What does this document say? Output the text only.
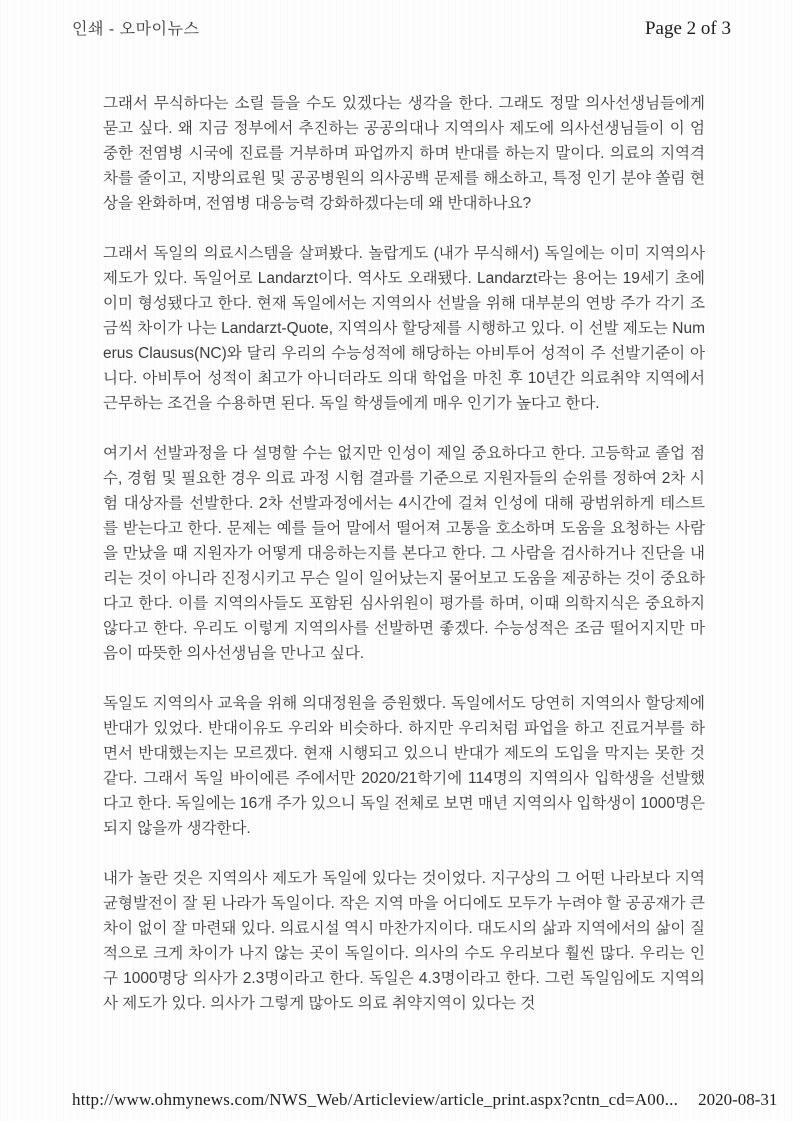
인쇄 - 오마이뉴스	Page 2 of 3

그래서 무식하다는 소릴 들을 수도 있겠다는 생각을 한다. 그래도 정말 의사선생님들에게 묻고 싶다. 왜 지금 정부에서 추진하는 공공의대나 지역의사 제도에 의사선생님들이 이 엄중한 전염병 시국에 진료를 거부하며 파업까지 하며 반대를 하는지 말이다. 의료의 지역격차를 줄이고, 지방의료원 및 공공병원의 의사공백 문제를 해소하고, 특정 인기 분야 쏠림 현상을 완화하며, 전염병 대응능력 강화하겠다는데 왜 반대하나요?

그래서 독일의 의료시스템을 살펴봤다. 놀랍게도 (내가 무식해서) 독일에는 이미 지역의사 제도가 있다. 독일어로 Landarzt이다. 역사도 오래됐다. Landarzt라는 용어는 19세기 초에 이미 형성됐다고 한다. 현재 독일에서는 지역의사 선발을 위해 대부분의 연방 주가 각기 조금씩 차이가 나는 Landarzt-Quote, 지역의사 할당제를 시행하고 있다. 이 선발 제도는 Numerus Clausus(NC)와 달리 우리의 수능성적에 해당하는 아비투어 성적이 주 선발기준이 아니다. 아비투어 성적이 최고가 아니더라도 의대 학업을 마친 후 10년간 의료취약 지역에서 근무하는 조건을 수용하면 된다. 독일 학생들에게 매우 인기가 높다고 한다.

여기서 선발과정을 다 설명할 수는 없지만 인성이 제일 중요하다고 한다. 고등학교 졸업 점수, 경험 및 필요한 경우 의료 과정 시험 결과를 기준으로 지원자들의 순위를 정하여 2차 시험 대상자를 선발한다. 2차 선발과정에서는 4시간에 걸쳐 인성에 대해 광범위하게 테스트를 받는다고 한다. 문제는 예를 들어 말에서 떨어져 고통을 호소하며 도움을 요청하는 사람을 만났을 때 지원자가 어떻게 대응하는지를 본다고 한다. 그 사람을 검사하거나 진단을 내리는 것이 아니라 진정시키고 무슨 일이 일어났는지 물어보고 도움을 제공하는 것이 중요하다고 한다. 이를 지역의사들도 포함된 심사위원이 평가를 하며, 이때 의학지식은 중요하지 않다고 한다. 우리도 이렇게 지역의사를 선발하면 좋겠다. 수능성적은 조금 떨어지지만 마음이 따뜻한 의사선생님을 만나고 싶다.

독일도 지역의사 교육을 위해 의대정원을 증원했다. 독일에서도 당연히 지역의사 할당제에 반대가 있었다. 반대이유도 우리와 비슷하다. 하지만 우리처럼 파업을 하고 진료거부를 하면서 반대했는지는 모르겠다. 현재 시행되고 있으니 반대가 제도의 도입을 막지는 못한 것 같다. 그래서 독일 바이에른 주에서만 2020/21학기에 114명의 지역의사 입학생을 선발했다고 한다. 독일에는 16개 주가 있으니 독일 전체로 보면 매년 지역의사 입학생이 1000명은 되지 않을까 생각한다.

내가 놀란 것은 지역의사 제도가 독일에 있다는 것이었다. 지구상의 그 어떤 나라보다 지역 균형발전이 잘 된 나라가 독일이다. 작은 지역 마을 어디에도 모두가 누려야 할 공공재가 큰 차이 없이 잘 마련돼 있다. 의료시설 역시 마찬가지이다. 대도시의 삶과 지역에서의 삶이 질적으로 크게 차이가 나지 않는 곳이 독일이다. 의사의 수도 우리보다 훨씬 많다. 우리는 인구 1000명당 의사가 2.3명이라고 한다. 독일은 4.3명이라고 한다. 그런 독일임에도 지역의사 제도가 있다. 의사가 그렇게 많아도 의료 취약지역이 있다는 것

http://www.ohmynews.com/NWS_Web/Articleview/article_print.aspx?cntn_cd=A00... 2020-08-31
